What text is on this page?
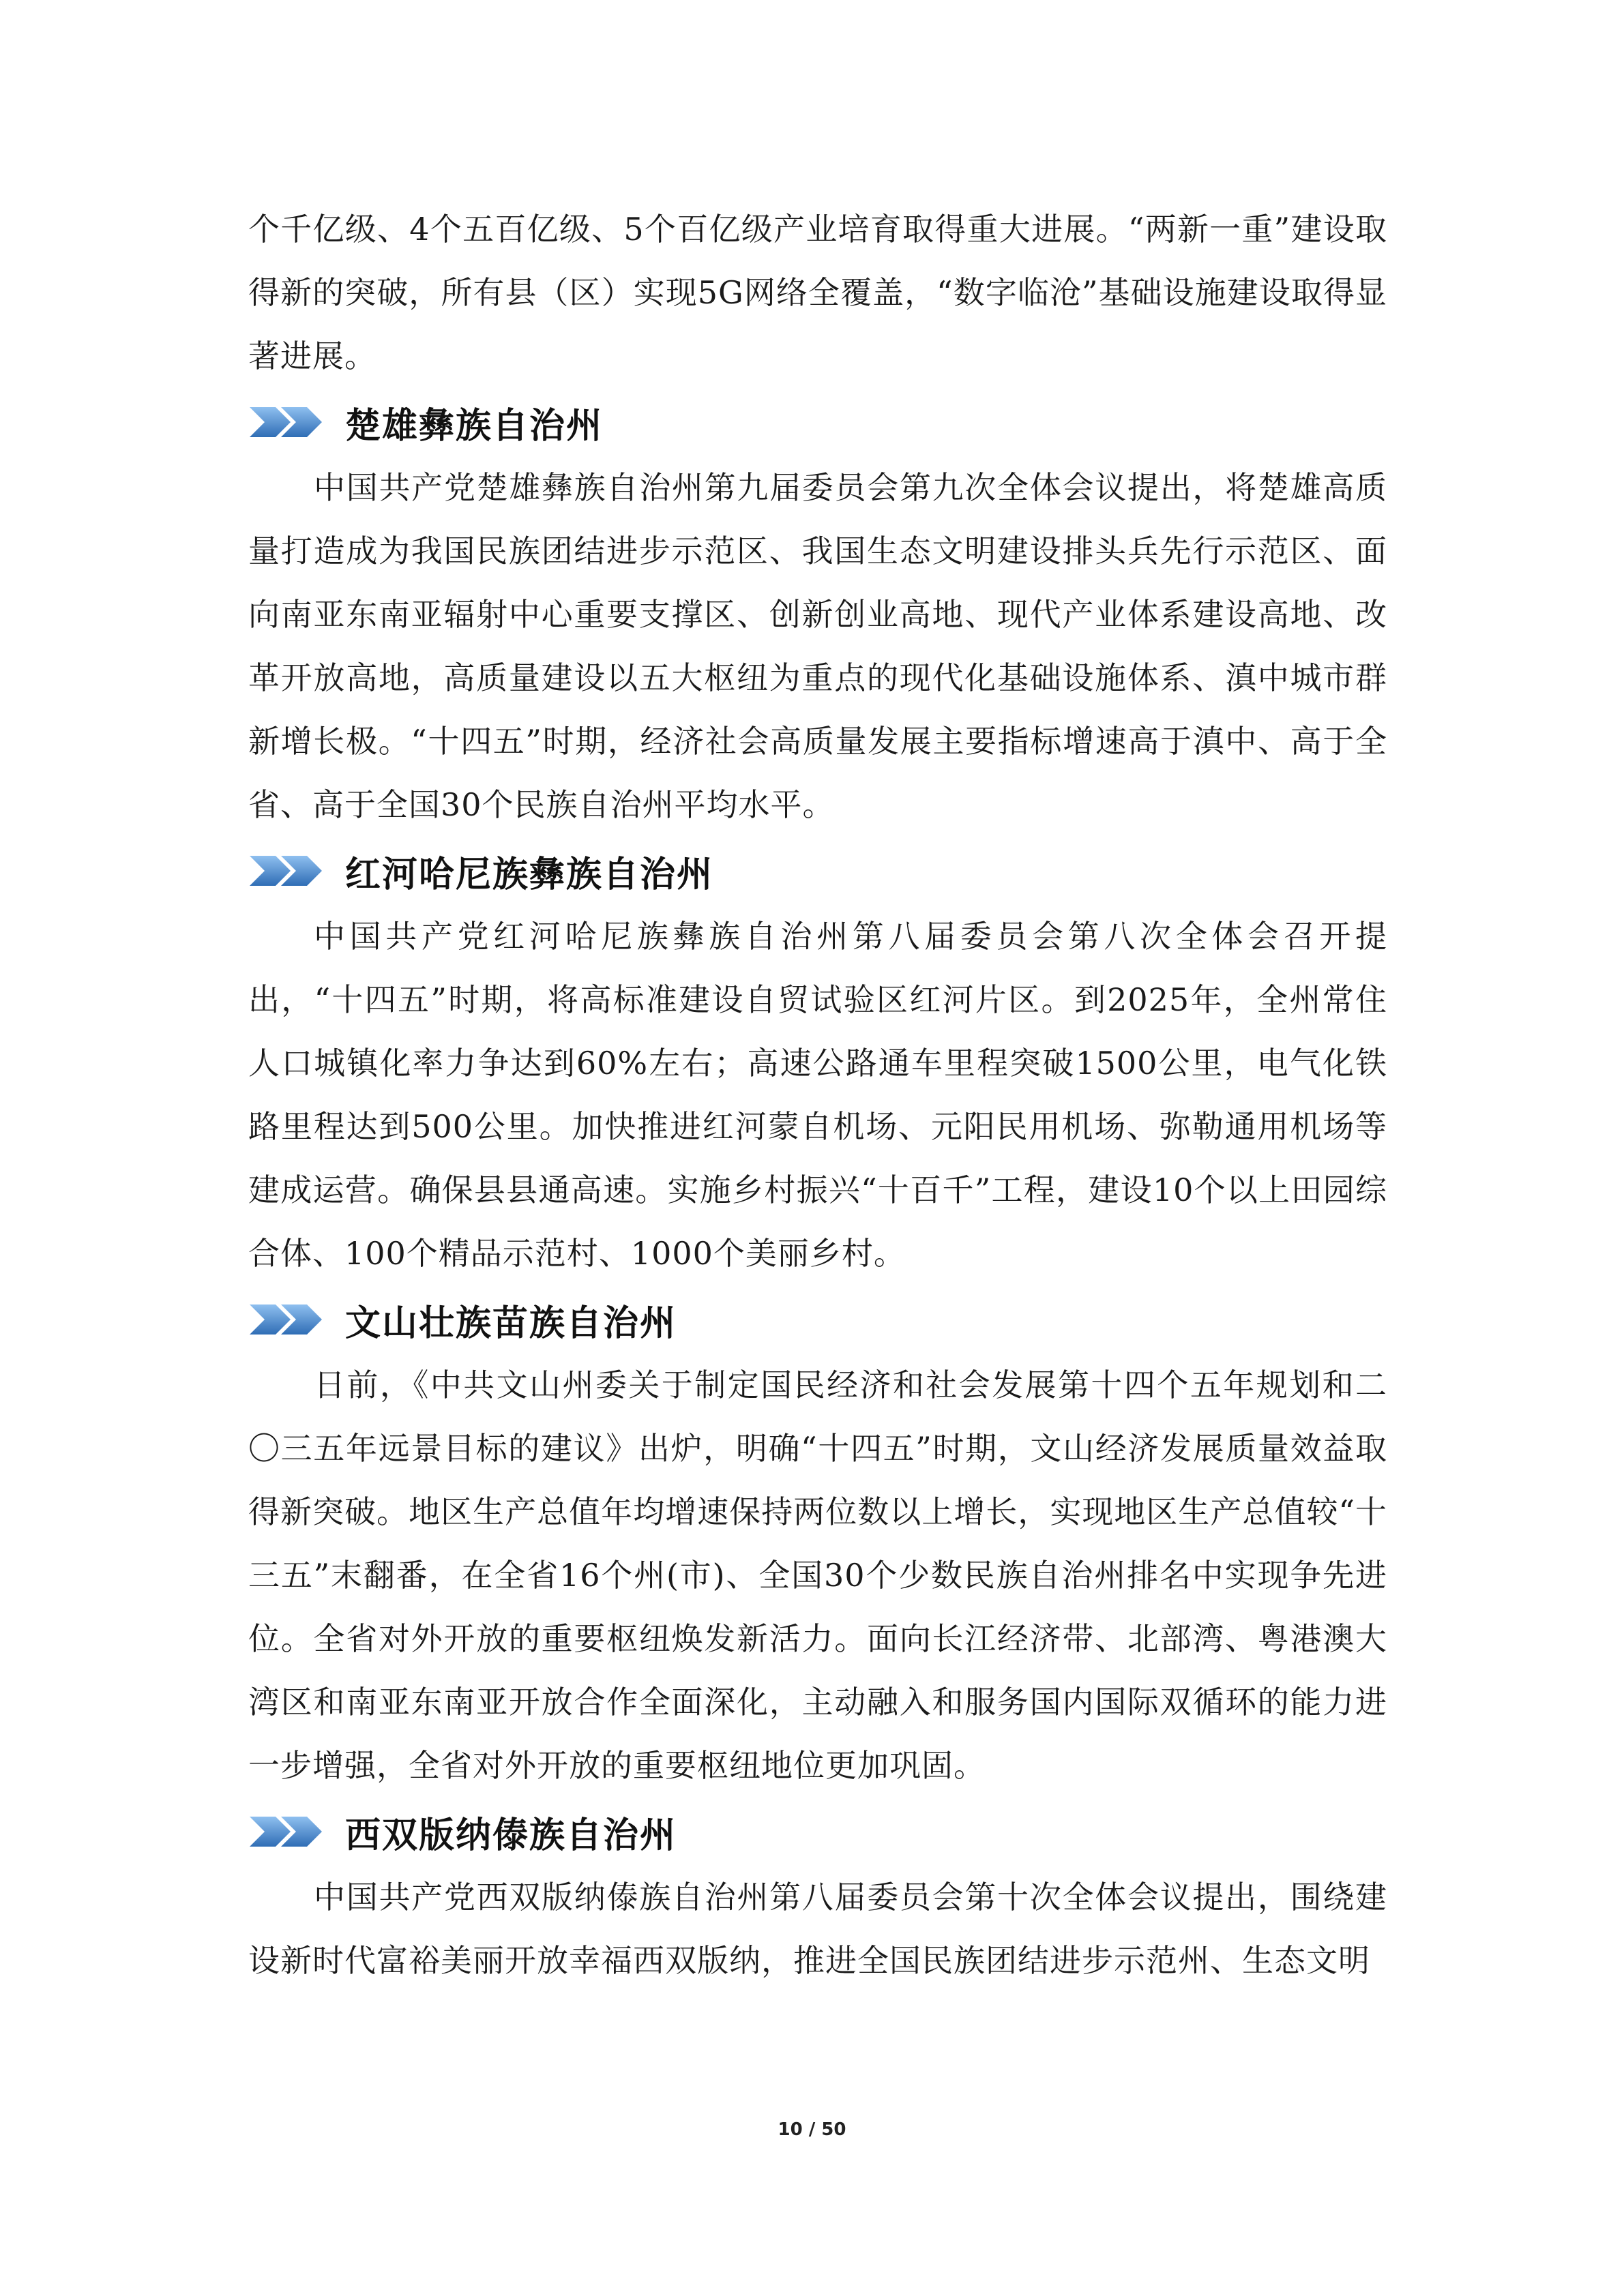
个千亿级、4个五百亿级、5个百亿级产业培育取得重大进展。“两新一重”建设取得新的突破，所有县（区）实现5G网络全覆盖，“数字临沧”基础设施建设取得显著进展。

楚雄彝族自治州

中国共产党楚雄彝族自治州第九届委员会第九次全体会议提出，将楚雄高质量打造成为我国民族团结进步示范区、我国生态文明建设排头兵先行示范区、面向南亚东南亚辐射中心重要支撑区、创新创业高地、现代产业体系建设高地、改革开放高地，高质量建设以五大枢纽为重点的现代化基础设施体系、滇中城市群新增长极。“十四五”时期，经济社会高质量发展主要指标增速高于滇中、高于全省、高于全国30个民族自治州平均水平。

红河哈尼族彝族自治州

中国共产党红河哈尼族彝族自治州第八届委员会第八次全体会召开提出，“十四五”时期，将高标准建设自贸试验区红河片区。到2025年，全州常住人口城镇化率力争达到60%左右；高速公路通车里程突破1500公里，电气化铁路里程达到500公里。加快推进红河蒙自机场、元阳民用机场、弥勒通用机场等建成运营。确保县县通高速。实施乡村振兴“十百千”工程，建设10个以上田园综合体、100个精品示范村、1000个美丽乡村。

文山壮族苗族自治州

日前，《中共文山州委关于制定国民经济和社会发展第十四个五年规划和二〇三五年远景目标的建议》出炉，明确“十四五”时期，文山经济发展质量效益取得新突破。地区生产总值年均增速保持两位数以上增长，实现地区生产总值较“十三五”末翻番，在全省16个州(市)、全国30个少数民族自治州排名中实现争先进位。全省对外开放的重要枢纽焕发新活力。面向长江经济带、北部湾、粤港澳大湾区和南亚东南亚开放合作全面深化，主动融入和服务国内国际双循环的能力进一步增强，全省对外开放的重要枢纽地位更加巩固。

西双版纳傣族自治州

中国共产党西双版纳傣族自治州第八届委员会第十次全体会议提出，围绕建设新时代富裕美丽开放幸福西双版纳，推进全国民族团结进步示范州、生态文明

10 / 50
